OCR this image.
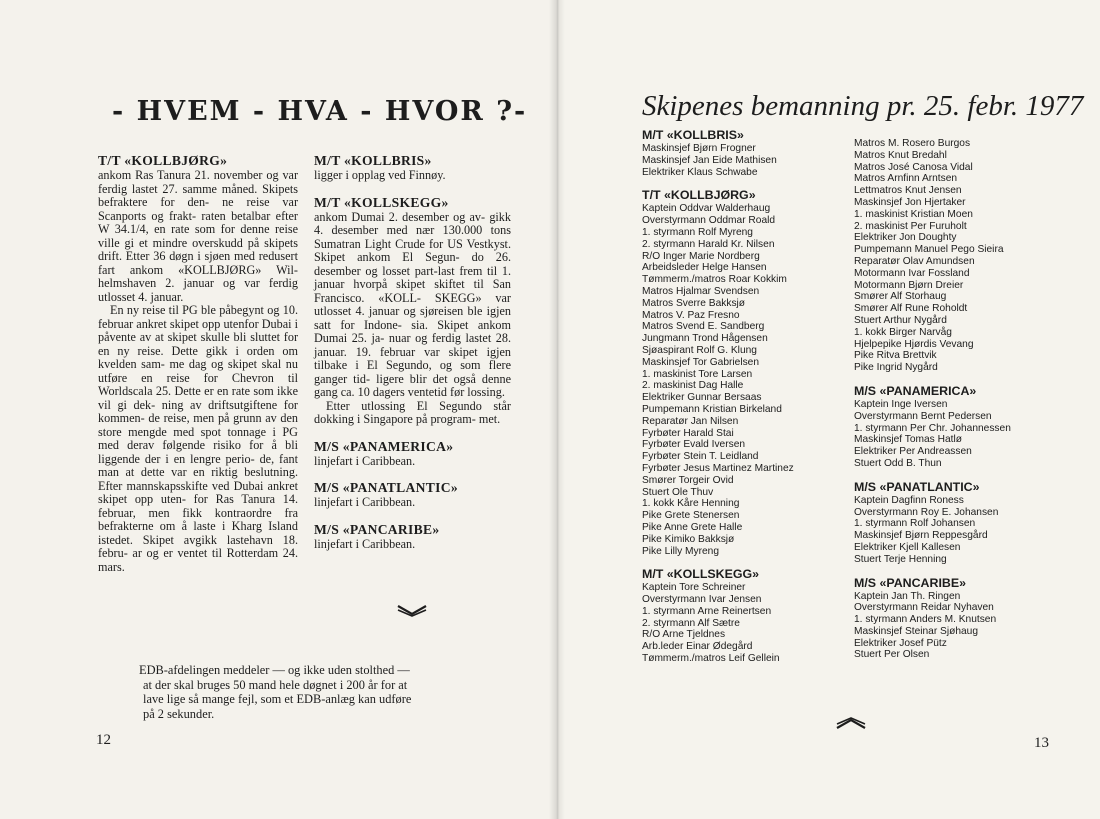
- HVEM - HVA - HVOR ?-
T/T «KOLLBJØRG»

ankom Ras Tanura 21. november og var ferdig lastet 27. samme måned. Skipets befraktere for den- ne reise var Scanports og frakt- raten betalbar efter W 34.1/4, en rate som for denne reise ville gi et mindre overskudd på skipets drift. Etter 36 døgn i sjøen med redusert fart ankom «KOLLBJØRG» Wil- helmshaven 2. januar og var ferdig utlosset 4. januar.

En ny reise til PG ble påbegynt og 10. februar ankret skipet opp utenfor Dubai i påvente av at skipet skulle bli sluttet for en ny reise. Dette gikk i orden om kvelden sam- me dag og skipet skal nu utføre en reise for Chevron til Worldscala 25. Dette er en rate som ikke vil gi dek- ning av driftsutgiftene for kommen- de reise, men på grunn av den store mengde med spot tonnage i PG med derav følgende risiko for å bli liggende der i en lengre perio- de, fant man at dette var en riktig beslutning. Efter mannskapsskifte ved Dubai ankret skipet opp uten- for Ras Tanura 14. februar, men fikk kontraordre fra befrakterne om å laste i Kharg Island istedet. Skipet avgikk lastehavn 18. febru- ar og er ventet til Rotterdam 24. mars.

M/T «KOLLBRIS»

ligger i opplag ved Finnøy.

M/T «KOLLSKEGG»

ankom Dumai 2. desember og av- gikk 4. desember med nær 130.000 tons Sumatran Light Crude for US Vestkyst. Skipet ankom El Segun- do 26. desember og losset part-last frem til 1. januar hvorpå skipet skiftet til San Francisco. «KOLL- SKEGG» var utlosset 4. januar og sjøreisen ble igjen satt for Indone- sia. Skipet ankom Dumai 25. ja- nuar og ferdig lastet 28. januar. 19. februar var skipet igjen tilbake i El Segundo, og som flere ganger tid- ligere blir det også denne gang ca. 10 dagers ventetid før lossing.

Etter utlossing El Segundo står dokking i Singapore på program- met.

M/S «PANAMERICA»

linjefart i Caribbean.

M/S «PANATLANTIC»

linjefart i Caribbean.

M/S «PANCARIBE»

linjefart i Caribbean.

EDB-afdelingen meddeler — og ikke uden stolthed —

at der skal bruges 50 mand hele døgnet i 200 år for at

lave lige så mange fejl, som et EDB-anlæg kan udføre

på 2 sekunder.

12
Skipenes bemanning pr. 25. febr. 1977
M/T «KOLLBRIS»
Maskinsjef Bjørn Frogner
Maskinsjef Jan Eide Mathisen
Elektriker Klaus Schwabe
T/T «KOLLBJØRG»
Kaptein Oddvar Walderhaug
Overstyrmann Oddmar Roald
1. styrmann Rolf Myreng
2. styrmann Harald Kr. Nilsen
R/O Inger Marie Nordberg
Arbeidsleder Helge Hansen
Tømmerm./matros Roar Kokkim
Matros Hjalmar Svendsen
Matros Sverre Bakksjø
Matros V. Paz Fresno
Matros Svend E. Sandberg
Jungmann Trond Hågensen
Sjøaspirant Rolf G. Klung
Maskinsjef Tor Gabrielsen
1. maskinist Tore Larsen
2. maskinist Dag Halle
Elektriker Gunnar Bersaas
Pumpemann Kristian Birkeland
Reparatør Jan Nilsen
Fyrbøter Harald Stai
Fyrbøter Evald Iversen
Fyrbøter Stein T. Leidland
Fyrbøter Jesus Martinez Martinez
Smører Torgeir Ovid
Stuert Ole Thuv
1. kokk Kåre Henning
Pike Grete Stenersen
Pike Anne Grete Halle
Pike Kimiko Bakksjø
Pike Lilly Myreng
M/T «KOLLSKEGG»
Kaptein Tore Schreiner
Overstyrmann Ivar Jensen
1. styrmann Arne Reinertsen
2. styrmann Alf Sætre
R/O Arne Tjeldnes
Arb.leder Einar Ødegård
Tømmerm./matros Leif Gellein
Matros M. Rosero Burgos
Matros Knut Bredahl
Matros José Canosa Vidal
Matros Arnfinn Arntsen
Lettmatros Knut Jensen
Maskinsjef Jon Hjertaker
1. maskinist Kristian Moen
2. maskinist Per Furuholt
Elektriker Jon Doughty
Pumpemann Manuel Pego Sieira
Reparatør Olav Amundsen
Motormann Ivar Fossland
Motormann Bjørn Dreier
Smører Alf Storhaug
Smører Alf Rune Roholdt
Stuert Arthur Nygård
1. kokk Birger Narvåg
Hjelpepike Hjørdis Vevang
Pike Ritva Brettvik
Pike Ingrid Nygård
M/S «PANAMERICA»
Kaptein Inge Iversen
Overstyrmann Bernt Pedersen
1. styrmann Per Chr. Johannessen
Maskinsjef Tomas Hatlø
Elektriker Per Andreassen
Stuert Odd B. Thun
M/S «PANATLANTIC»
Kaptein Dagfinn Roness
Overstyrmann Roy E. Johansen
1. styrmann Rolf Johansen
Maskinsjef Bjørn Reppesgård
Elektriker Kjell Kallesen
Stuert Terje Henning
M/S «PANCARIBE»
Kaptein Jan Th. Ringen
Overstyrmann Reidar Nyhaven
1. styrmann Anders M. Knutsen
Maskinsjef Steinar Sjøhaug
Elektriker Josef Pütz
Stuert Per Olsen
13
